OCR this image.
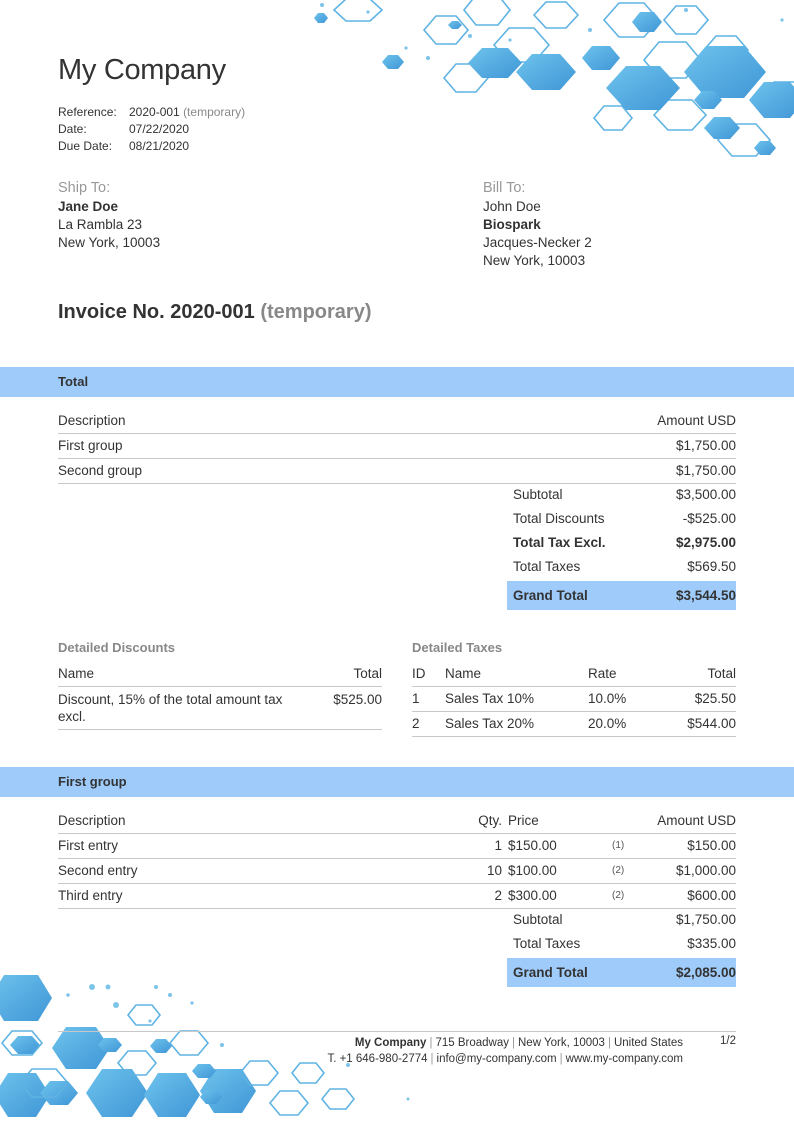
My Company
Reference:	2020-001
(temporary)
Date:	07/22/2020
Due Date:	08/21/2020
Ship To:
Jane Doe
La Rambla 23
New York, 10003
Bill To:
John Doe
Biospark
Jacques-Necker 2
New York, 10003
Invoice No. 2020-001 (temporary)
Total
Description	Amount USD
First group	$1,750.00
Second group	$1,750.00
Subtotal	$3,500.00
Total Discounts	-$525.00
Total Tax Excl.	$2,975.00
Total Taxes	$569.50
Grand Total	$3,544.50
Detailed Discounts
Name	Total
Discount, 15% of the total amount tax excl.	$525.00
Detailed Taxes
ID	Name	Rate	Total
1	Sales Tax 10%	10.0%	$25.50
2	Sales Tax 20%	20.0%	$544.00
First group
Description	Qty.	Price		Amount USD
First entry	1	$150.00	(1)	$150.00
Second entry	10	$100.00	(2)	$1,000.00
Third entry	2	$300.00	(2)	$600.00
Subtotal	$1,750.00
Total Taxes	$335.00
Grand Total	$2,085.00
My Company | 715 Broadway | New York, 10003 | United States
T. +1 646-980-2774 | info@my-company.com | www.my-company.com
1/2
